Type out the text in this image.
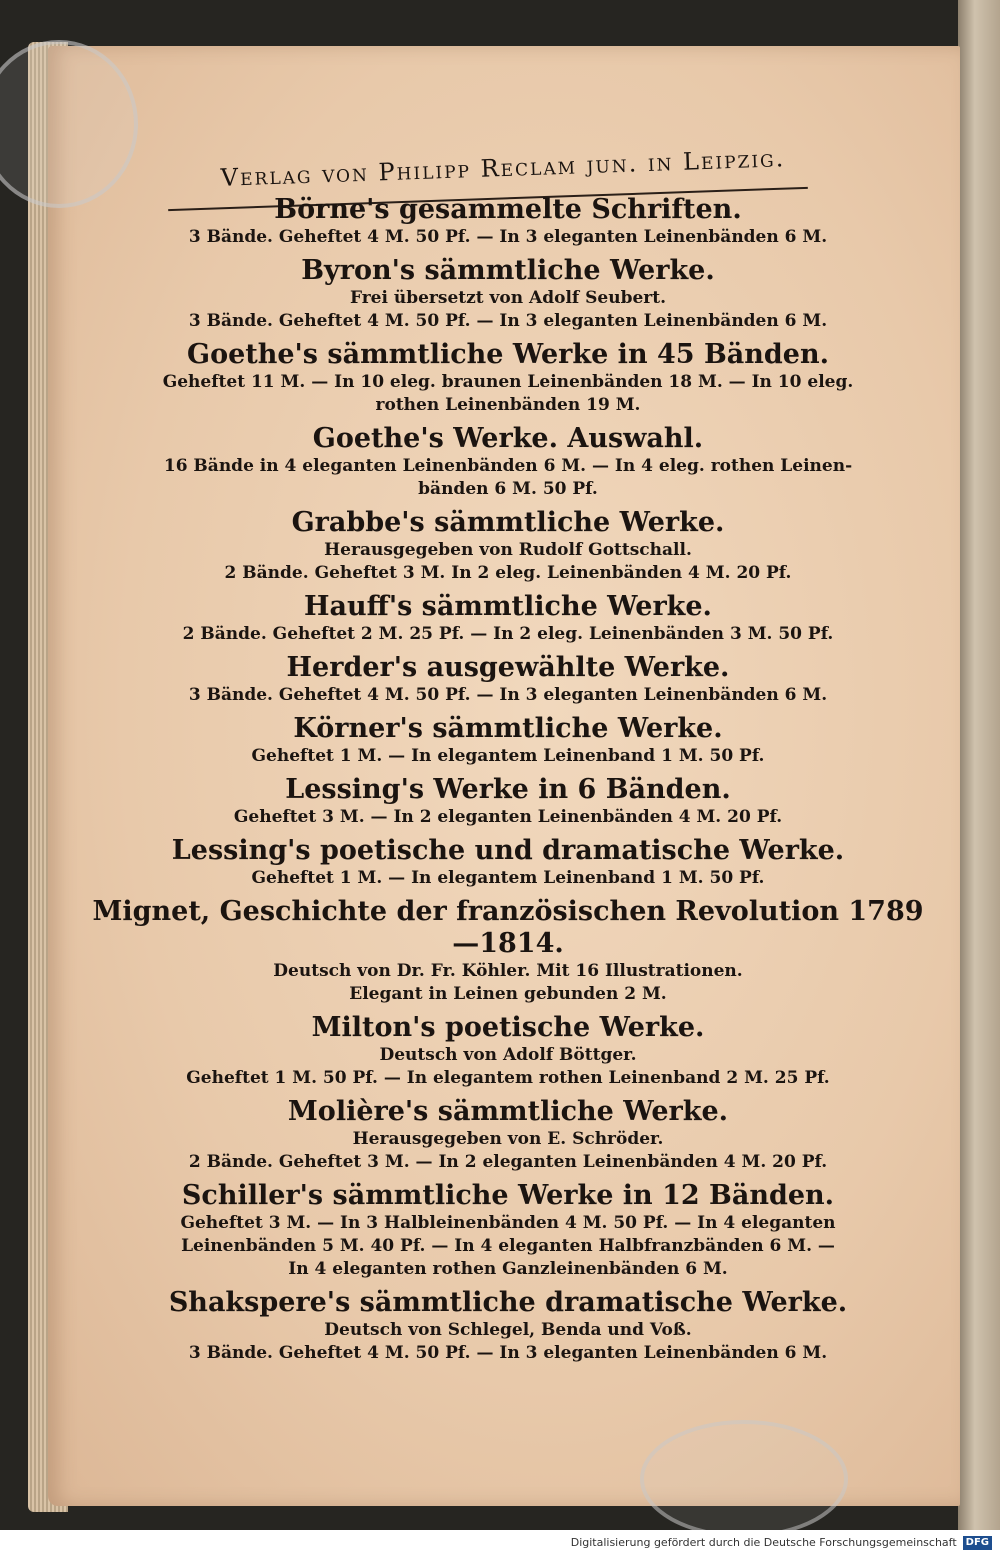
Verlag von Philipp Reclam jun. in Leipzig.
Börne's gesammelte Schriften.
3 Bände. Geheftet 4 M. 50 Pf. — In 3 eleganten Leinenbänden 6 M.
Byron's sämmtliche Werke.
Frei übersetzt von Adolf Seubert.
3 Bände. Geheftet 4 M. 50 Pf. — In 3 eleganten Leinenbänden 6 M.
Goethe's sämmtliche Werke in 45 Bänden.
Geheftet 11 M. — In 10 eleg. braunen Leinenbänden 18 M. — In 10 eleg.
rothen Leinenbänden 19 M.
Goethe's Werke. Auswahl.
16 Bände in 4 eleganten Leinenbänden 6 M. — In 4 eleg. rothen Leinen-
bänden 6 M. 50 Pf.
Grabbe's sämmtliche Werke.
Herausgegeben von Rudolf Gottschall.
2 Bände. Geheftet 3 M. In 2 eleg. Leinenbänden 4 M. 20 Pf.
Hauff's sämmtliche Werke.
2 Bände. Geheftet 2 M. 25 Pf. — In 2 eleg. Leinenbänden 3 M. 50 Pf.
Herder's ausgewählte Werke.
3 Bände. Geheftet 4 M. 50 Pf. — In 3 eleganten Leinenbänden 6 M.
Körner's sämmtliche Werke.
Geheftet 1 M. — In elegantem Leinenband 1 M. 50 Pf.
Lessing's Werke in 6 Bänden.
Geheftet 3 M. — In 2 eleganten Leinenbänden 4 M. 20 Pf.
Lessing's poetische und dramatische Werke.
Geheftet 1 M. — In elegantem Leinenband 1 M. 50 Pf.
Mignet, Geschichte der französischen Revolution 1789—1814.
Deutsch von Dr. Fr. Köhler. Mit 16 Illustrationen.
Elegant in Leinen gebunden 2 M.
Milton's poetische Werke.
Deutsch von Adolf Böttger.
Geheftet 1 M. 50 Pf. — In elegantem rothen Leinenband 2 M. 25 Pf.
Molière's sämmtliche Werke.
Herausgegeben von E. Schröder.
2 Bände. Geheftet 3 M. — In 2 eleganten Leinenbänden 4 M. 20 Pf.
Schiller's sämmtliche Werke in 12 Bänden.
Geheftet 3 M. — In 3 Halbleinenbänden 4 M. 50 Pf. — In 4 eleganten
Leinenbänden 5 M. 40 Pf. — In 4 eleganten Halbfranzbänden 6 M. —
In 4 eleganten rothen Ganzleinenbänden 6 M.
Shakspere's sämmtliche dramatische Werke.
Deutsch von Schlegel, Benda und Voß.
3 Bände. Geheftet 4 M. 50 Pf. — In 3 eleganten Leinenbänden 6 M.
Digitalisierung gefördert durch die Deutsche Forschungsgemeinschaft DFG
